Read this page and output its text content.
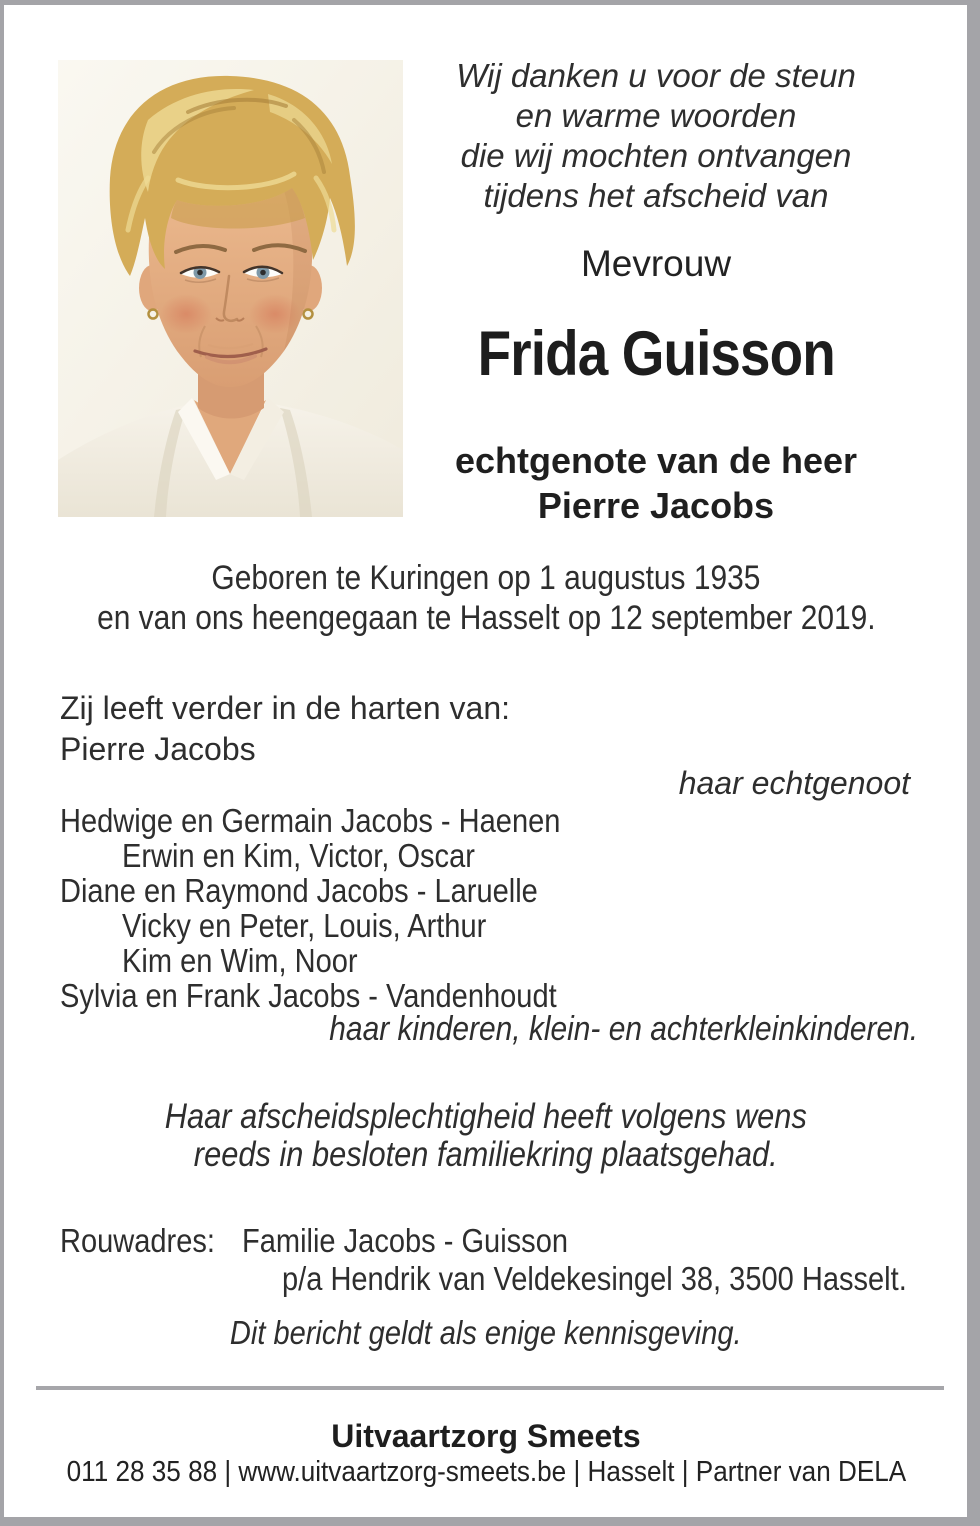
Wij danken u voor de steun
en warme woorden
die wij mochten ontvangen
tijdens het afscheid van
Mevrouw
Frida Guisson
echtgenote van de heer
Pierre Jacobs
Geboren te Kuringen op 1 augustus 1935
en van ons heengegaan te Hasselt op 12 september 2019.
Zij leeft verder in de harten van:
Pierre Jacobs
haar echtgenoot
Hedwige en Germain Jacobs - Haenen
Erwin en Kim, Victor, Oscar
Diane en Raymond Jacobs - Laruelle
Vicky en Peter, Louis, Arthur
Kim en Wim, Noor
Sylvia en Frank Jacobs - Vandenhoudt
haar kinderen, klein- en achterkleinkinderen.
Haar afscheidsplechtigheid heeft volgens wens
reeds in besloten familiekring plaatsgehad.
Rouwadres: Familie Jacobs - Guisson
p/a Hendrik van Veldekesingel 38, 3500 Hasselt.
Dit bericht geldt als enige kennisgeving.
Uitvaartzorg Smeets
011 28 35 88 | www.uitvaartzorg-smeets.be | Hasselt | Partner van DELA
